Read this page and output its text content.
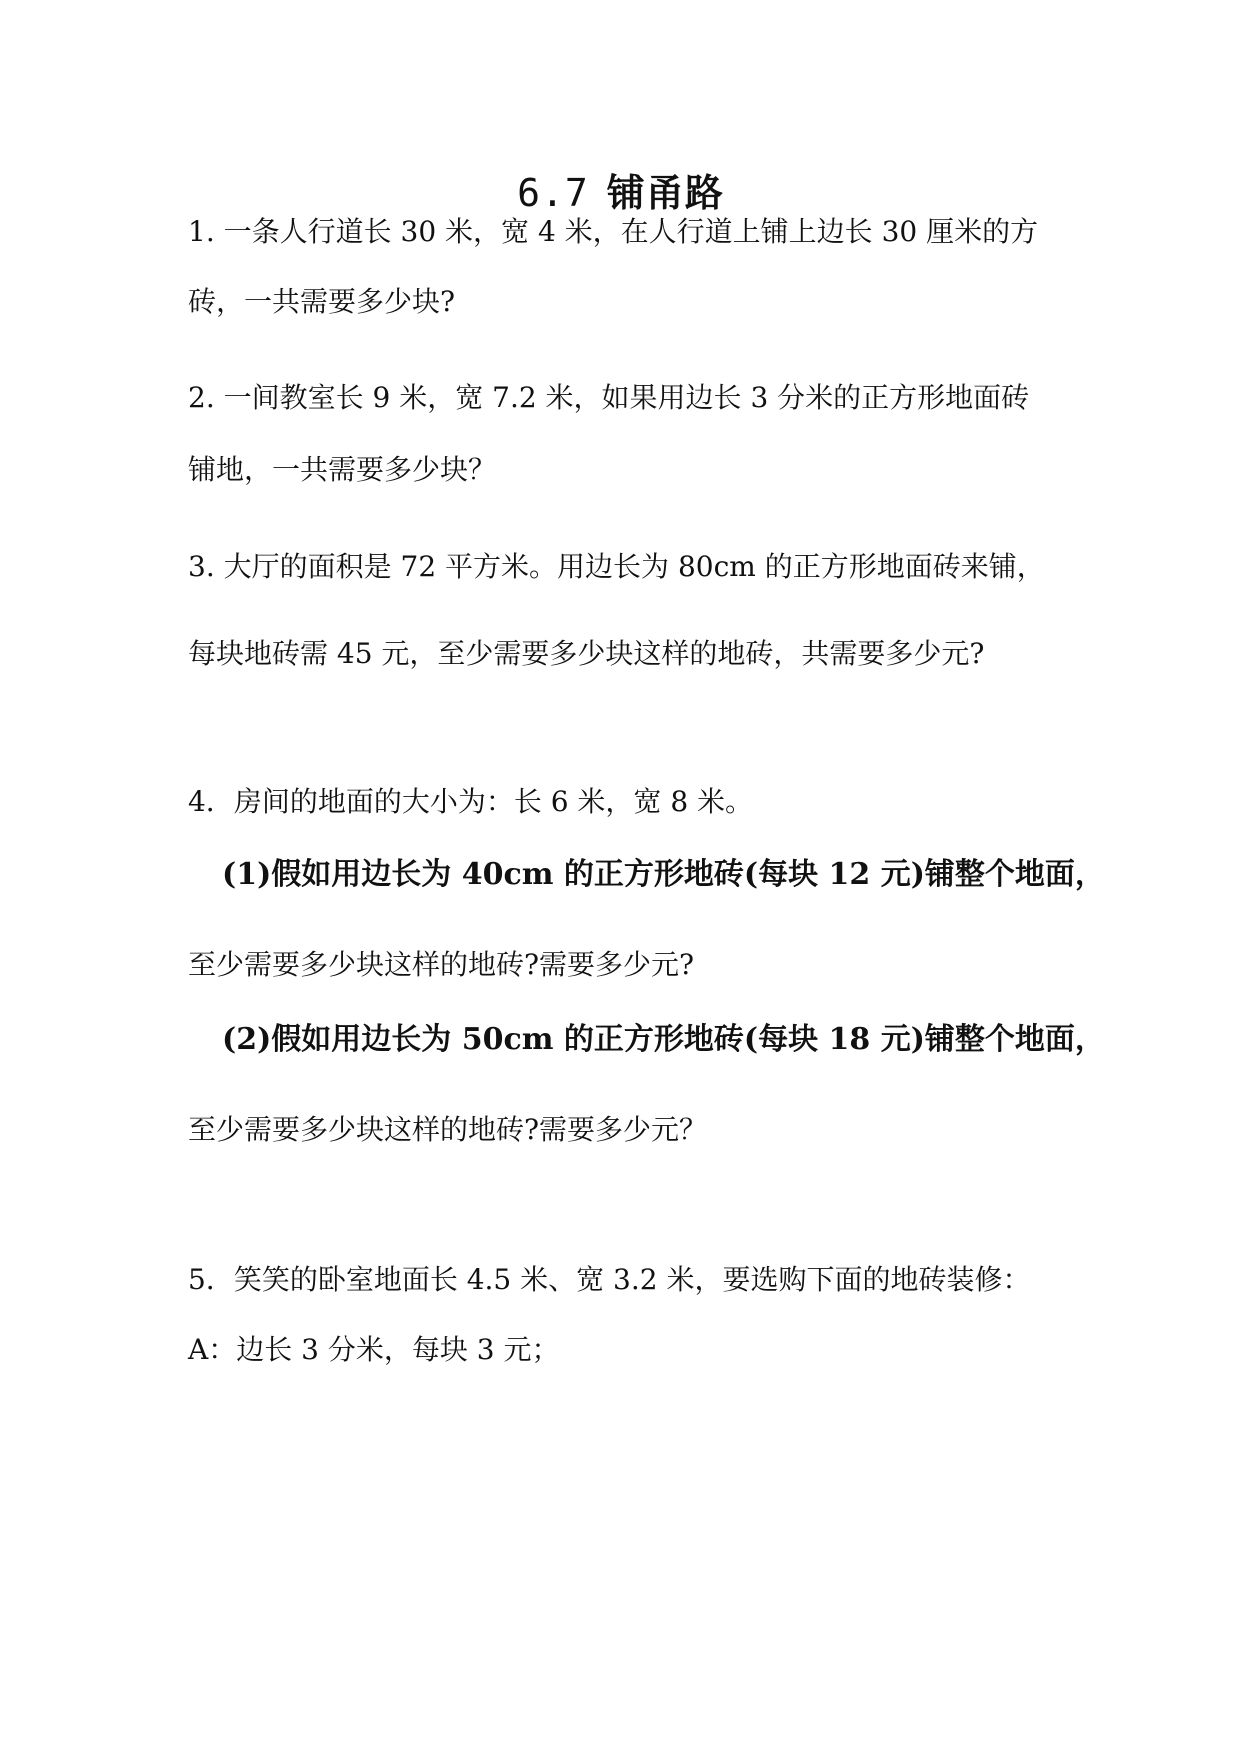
6.7 铺甬路
1. 一条人行道长 30 米，宽 4 米，在人行道上铺上边长 30 厘米的方
砖，一共需要多少块?
2. 一间教室长 9 米，宽 7.2 米，如果用边长 3 分米的正方形地面砖
铺地，一共需要多少块？
3. 大厅的面积是 72 平方米。用边长为 80cm 的正方形地面砖来铺，
每块地砖需 45 元，至少需要多少块这样的地砖，共需要多少元?
4．房间的地面的大小为：长 6 米，宽 8 米。
(1)假如用边长为 40cm 的正方形地砖(每块 12 元)铺整个地面，
至少需要多少块这样的地砖?需要多少元?
(2)假如用边长为 50cm 的正方形地砖(每块 18 元)铺整个地面，
至少需要多少块这样的地砖?需要多少元？
5．笑笑的卧室地面长 4.5 米、宽 3.2 米，要选购下面的地砖装修：
A：边长 3 分米，每块 3 元；
